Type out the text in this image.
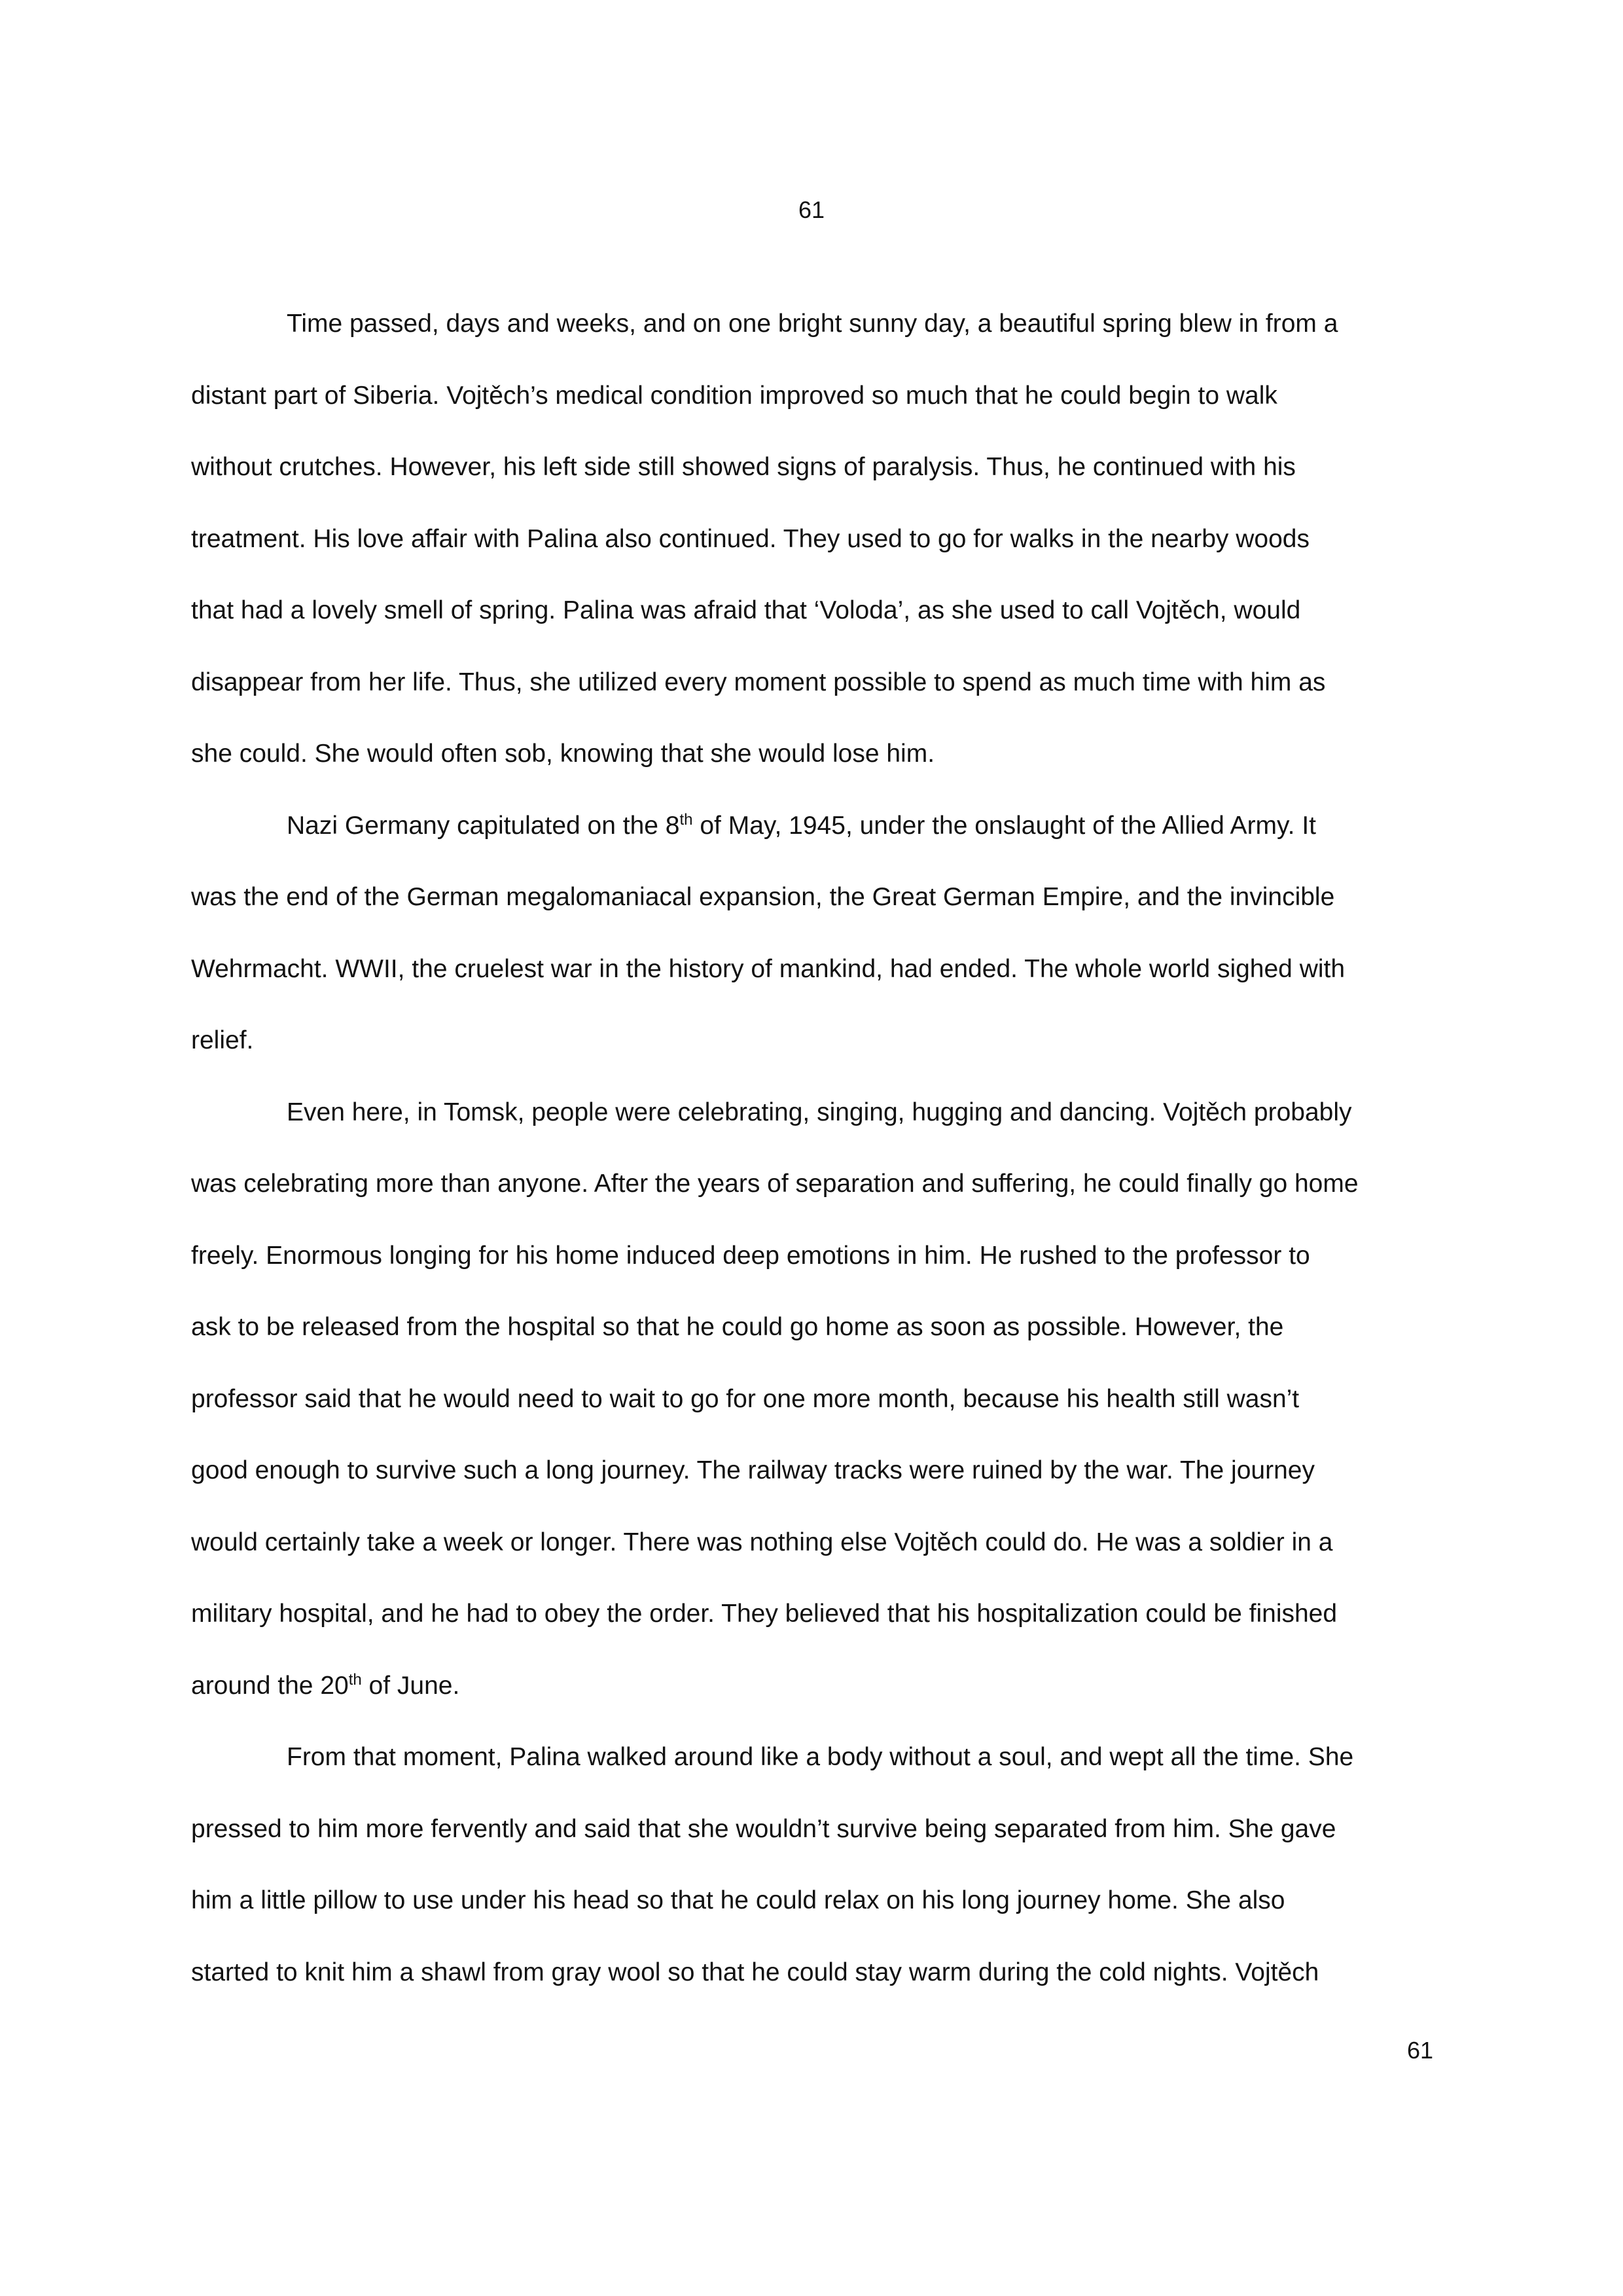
61
Time passed, days and weeks, and on one bright sunny day, a beautiful spring blew in from a
distant part of Siberia. Vojtěch’s medical condition improved so much that he could begin to walk
without crutches. However, his left side still showed signs of paralysis. Thus, he continued with his
treatment. His love affair with Palina also continued. They used to go for walks in the nearby woods
that had a lovely smell of spring. Palina was afraid that ‘Voloda’, as she used to call Vojtěch, would
disappear from her life. Thus, she utilized every moment possible to spend as much time with him as
she could. She would often sob, knowing that she would lose him.
Nazi Germany capitulated on the 8th of May, 1945, under the onslaught of the Allied Army. It
was the end of the German megalomaniacal expansion, the Great German Empire, and the invincible
Wehrmacht. WWII, the cruelest war in the history of mankind, had ended. The whole world sighed with
relief.
Even here, in Tomsk, people were celebrating, singing, hugging and dancing. Vojtěch probably
was celebrating more than anyone. After the years of separation and suffering, he could finally go home
freely. Enormous longing for his home induced deep emotions in him. He rushed to the professor to
ask to be released from the hospital so that he could go home as soon as possible. However, the
professor said that he would need to wait to go for one more month, because his health still wasn’t
good enough to survive such a long journey. The railway tracks were ruined by the war. The journey
would certainly take a week or longer. There was nothing else Vojtěch could do. He was a soldier in a
military hospital, and he had to obey the order. They believed that his hospitalization could be finished
around the 20th of June.
From that moment, Palina walked around like a body without a soul, and wept all the time. She
pressed to him more fervently and said that she wouldn’t survive being separated from him. She gave
him a little pillow to use under his head so that he could relax on his long journey home. She also
started to knit him a shawl from gray wool so that he could stay warm during the cold nights. Vojtěch
61
